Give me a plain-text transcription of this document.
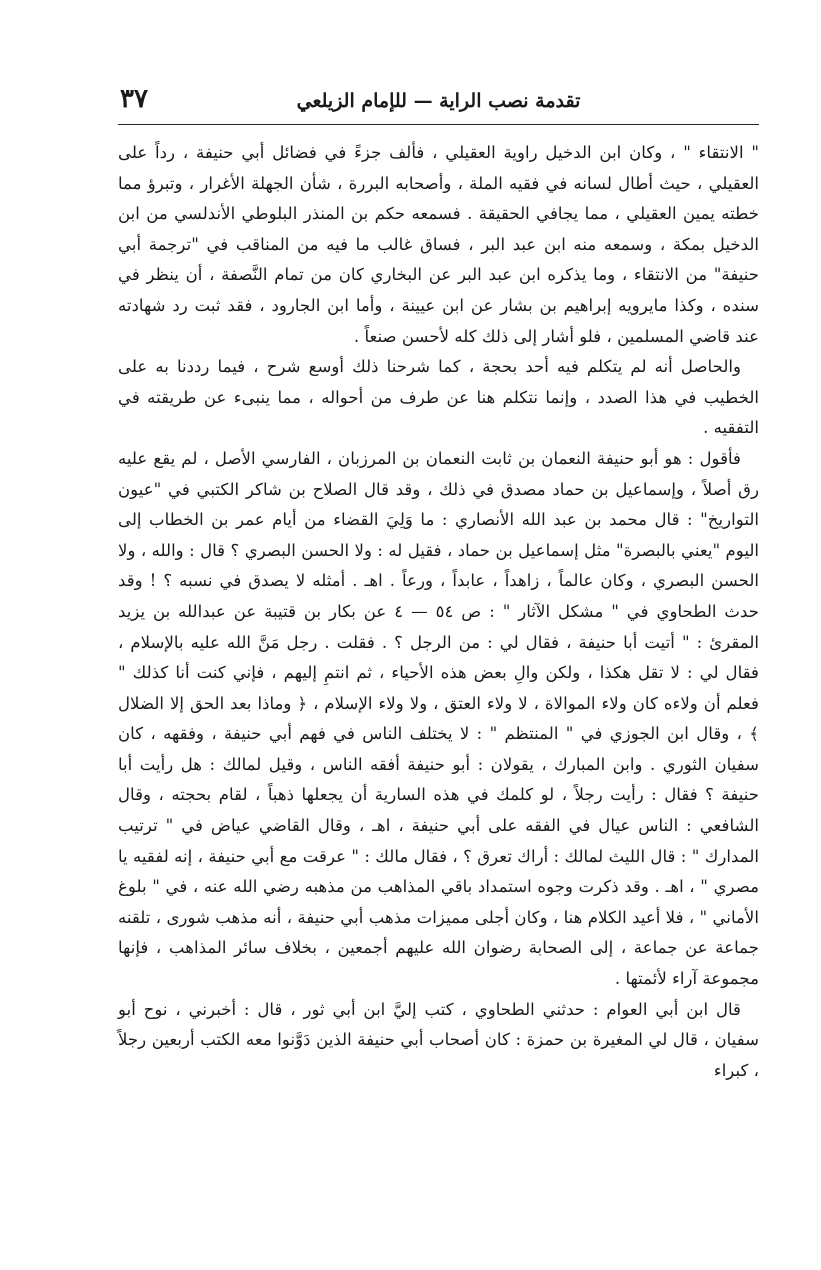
تقدمة نصب الراية — للإمام الزيلعي
٣٧

" الانتقاء " ، وكان ابن الدخيل راوية العقيلي ، فألف جزءً في فضائل أبي حنيفة ، رداً على العقيلي ، حيث أطال لسانه في فقيه الملة ، وأصحابه البررة ، شأن الجهلة الأغرار ، وتبرؤ مما خطته يمين العقيلي ، مما يجافي الحقيقة . فسمعه حكم بن المنذر البلوطي الأندلسي من ابن الدخيل بمكة ، وسمعه منه ابن عبد البر ، فساق غالب ما فيه من المناقب في "ترجمة أبي حنيفة" من الانتقاء ، وما يذكره ابن عبد البر عن البخاري كان من تمام النَّصفة ، أن ينظر في سنده ، وكذا مايرويه إبراهيم بن بشار عن ابن عيينة ، وأما ابن الجارود ، فقد ثبت رد شهادته عند قاضي المسلمين ، فلو أشار إلى ذلك كله لأحسن صنعاً .

والحاصل أنه لم يتكلم فيه أحد بحجة ، كما شرحنا ذلك أوسع شرح ، فيما رددنا به على الخطيب في هذا الصدد ، وإنما نتكلم هنا عن طرف من أحواله ، مما ينبىء عن طريقته في التفقيه .

فأقول : هو أبو حنيفة النعمان بن ثابت النعمان بن المرزبان ، الفارسي الأصل ، لم يقع عليه رق أصلاً ، وإسماعيل بن حماد مصدق في ذلك ، وقد قال الصلاح بن شاكر الكتبي في "عيون التواريخ" : قال محمد بن عبد الله الأنصاري : ما وَلِيَ القضاء من أيام عمر بن الخطاب إلى اليوم "يعني بالبصرة" مثل إسماعيل بن حماد ، فقيل له : ولا الحسن البصري ؟ قال : والله ، ولا الحسن البصري ، وكان عالماً ، زاهداً ، عابداً ، ورعاً . اهـ . أمثله لا يصدق في نسبه ؟ ! وقد حدث الطحاوي في " مشكل الآثار " : ص ٥٤ — ٤ عن بكار بن قتيبة عن عبدالله بن يزيد المقرئ : " أتيت أبا حنيفة ، فقال لي : من الرجل ؟ . فقلت . رجل مَنَّ الله عليه بالإسلام ، فقال لي : لا تقل هكذا ، ولكن والِ بعض هذه الأحياء ، ثم انتمِ إليهم ، فإني كنت أنا كذلك " فعلم أن ولاءه كان ولاء الموالاة ، لا ولاء العتق ، ولا ولاء الإسلام ، ﴿ وماذا بعد الحق إلا الضلال ﴾ ، وقال ابن الجوزي في " المنتظم " : لا يختلف الناس في فهم أبي حنيفة ، وفقهه ، كان سفيان الثوري . وابن المبارك ، يقولان : أبو حنيفة أفقه الناس ، وقيل لمالك : هل رأيت أبا حنيفة ؟ فقال : رأيت رجلاً ، لو كلمك في هذه السارية أن يجعلها ذهباً ، لقام بحجته ، وقال الشافعي : الناس عيال في الفقه على أبي حنيفة ، اهـ ، وقال القاضي عياض في " ترتيب المدارك " : قال الليث لمالك : أراك تعرق ؟ ، فقال مالك : " عرقت مع أبي حنيفة ، إنه لفقيه يا مصري " ، اهـ . وقد ذكرت وجوه استمداد باقي المذاهب من مذهبه رضي الله عنه ، في " بلوغ الأماني " ، فلا أعيد الكلام هنا ، وكان أجلى مميزات مذهب أبي حنيفة ، أنه مذهب شورى ، تلقنه جماعة عن جماعة ، إلى الصحابة رضوان الله عليهم أجمعين ، بخلاف سائر المذاهب ، فإنها مجموعة آراء لأئمتها .

قال ابن أبي العوام : حدثني الطحاوي ، كتب إليَّ ابن أبي ثور ، قال : أخبرني ، نوح أبو سفيان ، قال لي المغيرة بن حمزة : كان أصحاب أبي حنيفة الذين دَوَّنوا معه الكتب أربعين رجلاً ، كبراء
